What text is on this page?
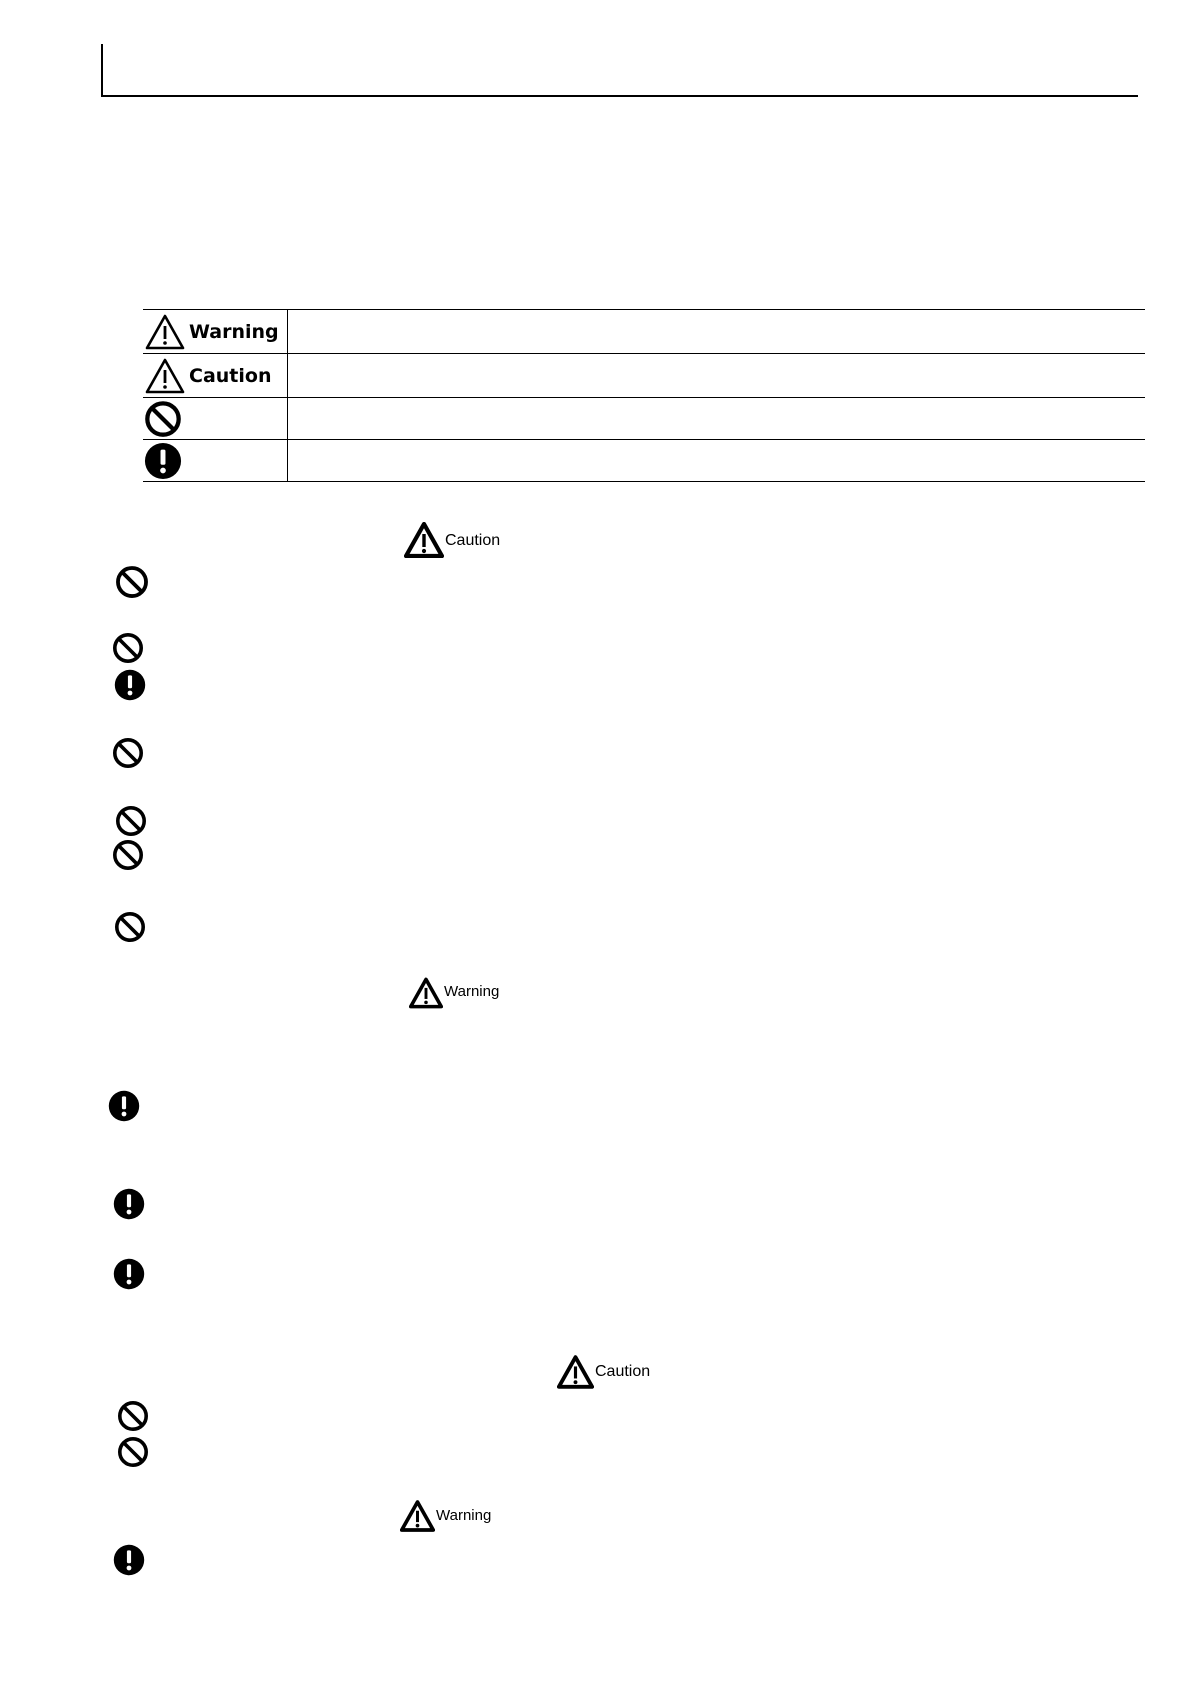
Warning	

Caution	

Caution
Warning
Caution
Warning
